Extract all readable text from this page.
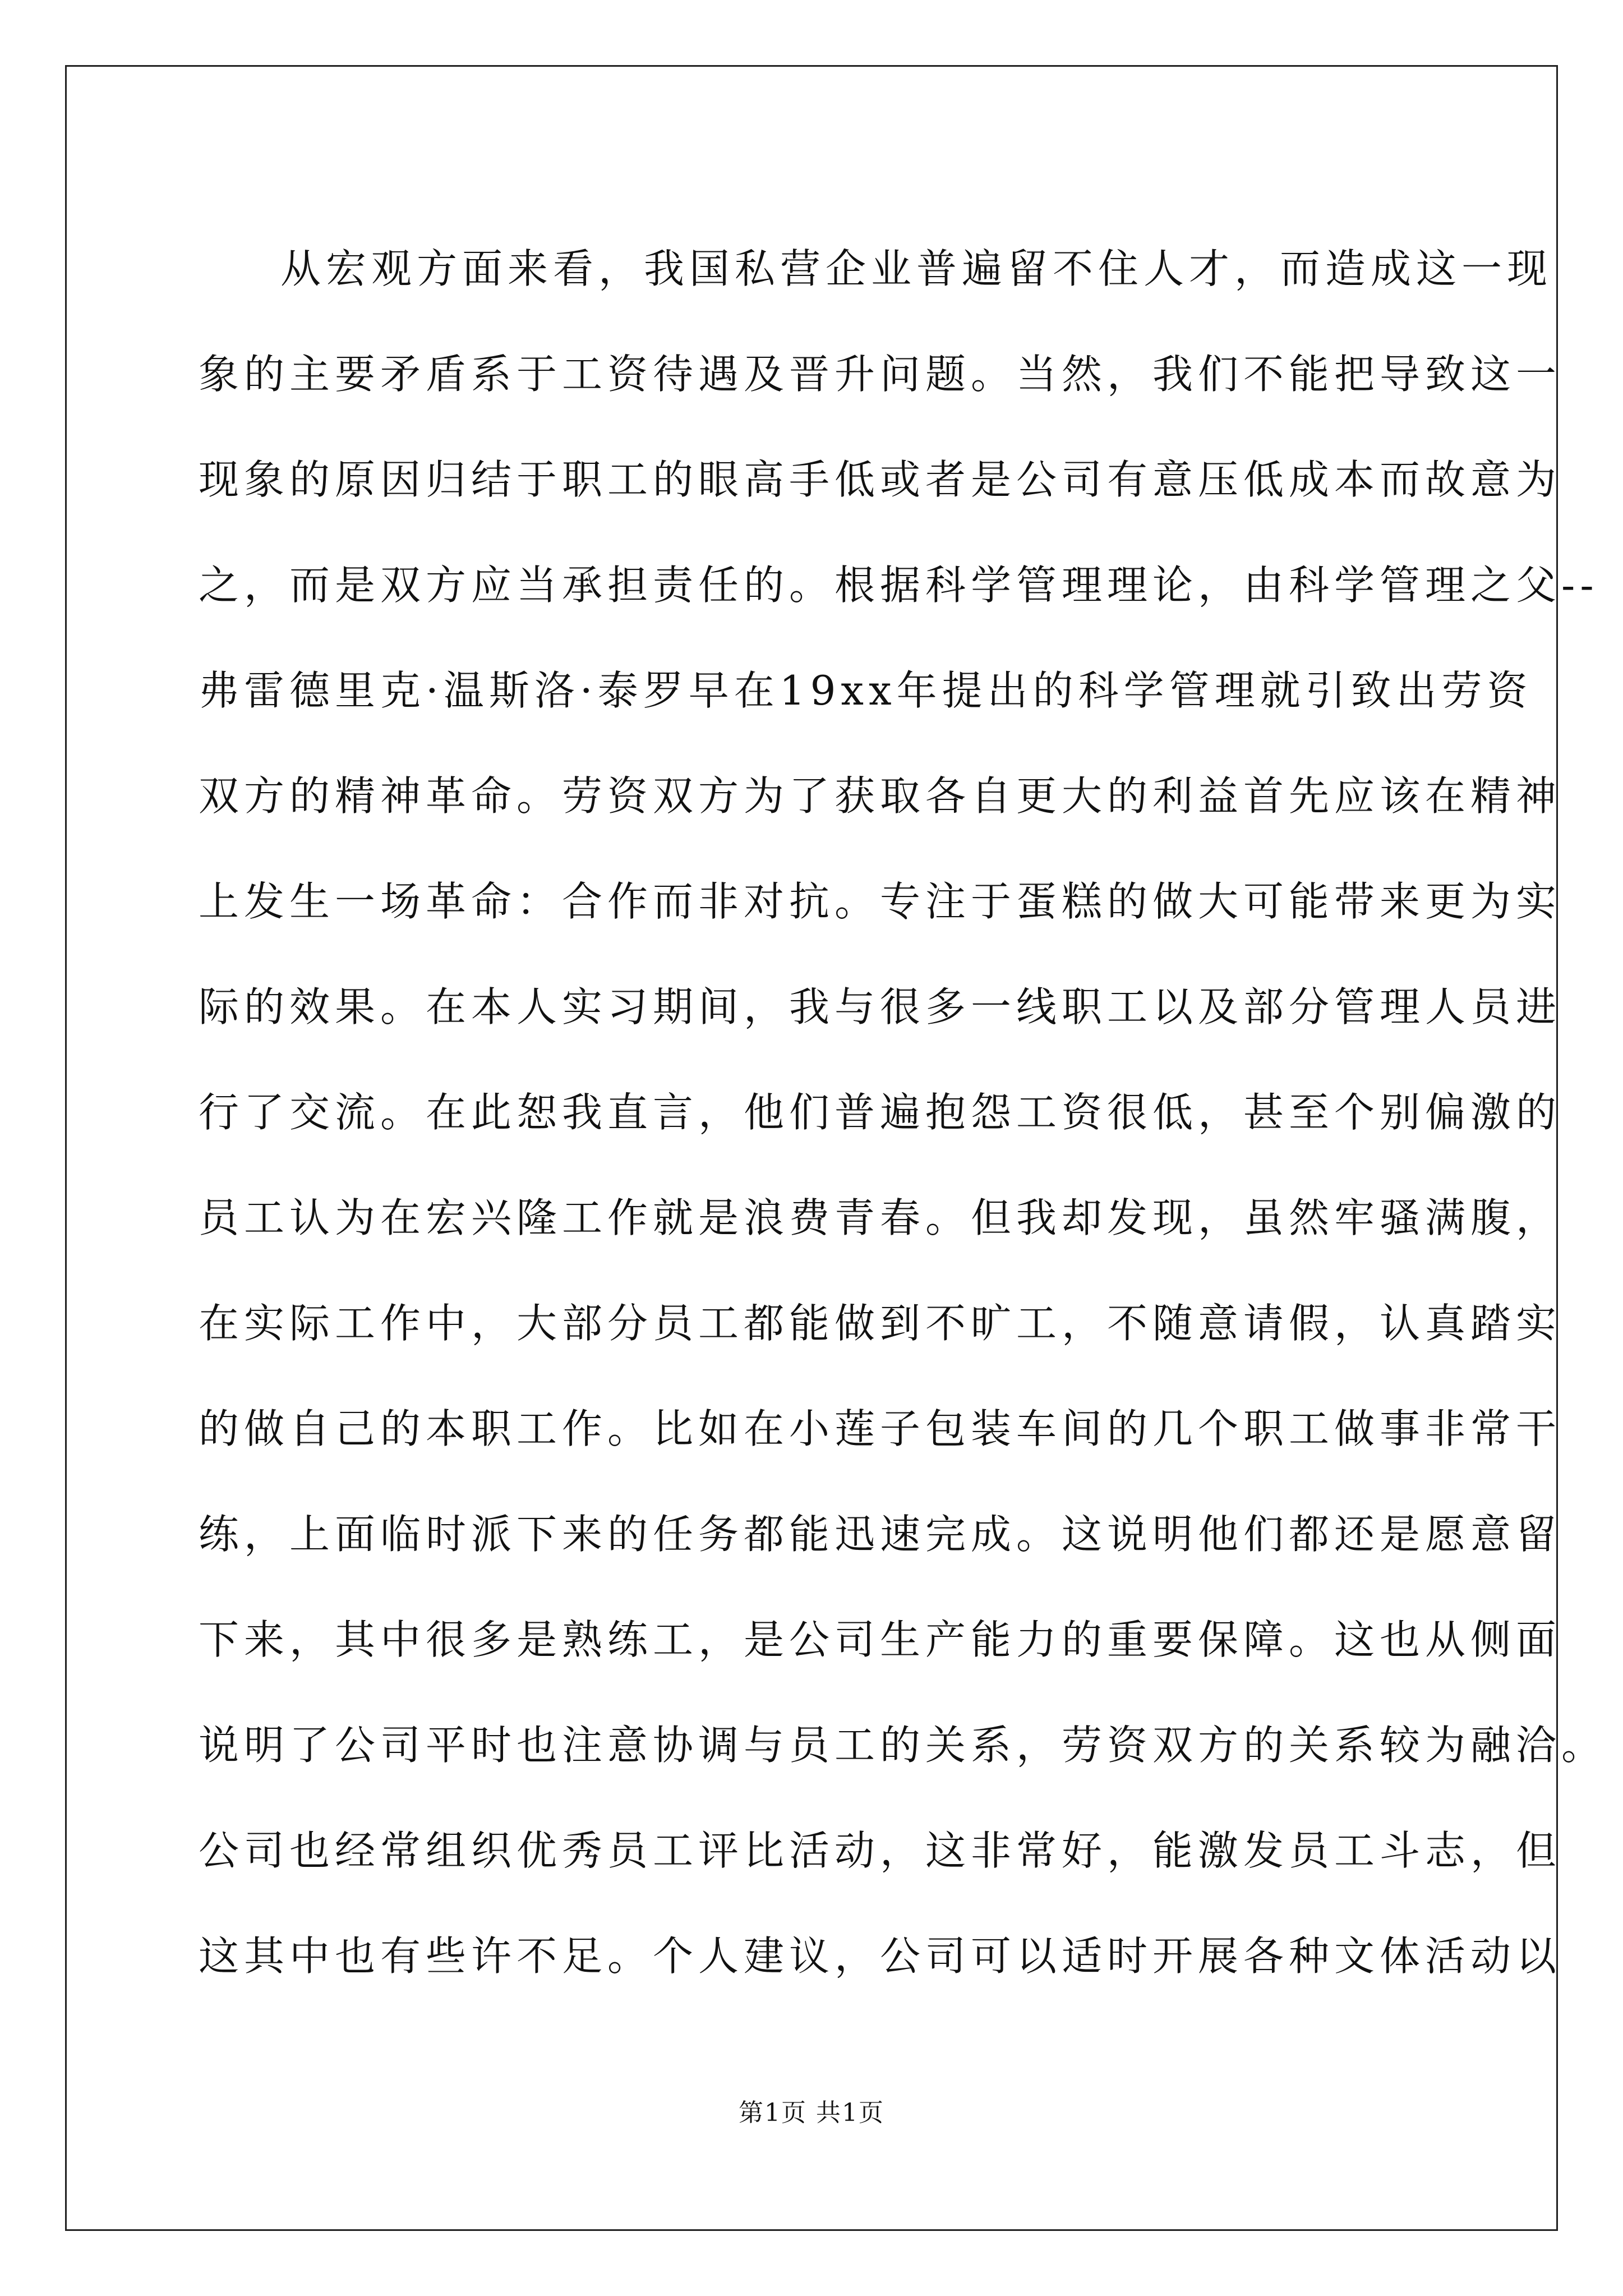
从宏观方面来看，我国私营企业普遍留不住人才，而造成这一现
象的主要矛盾系于工资待遇及晋升问题。当然，我们不能把导致这一
现象的原因归结于职工的眼高手低或者是公司有意压低成本而故意为
之，而是双方应当承担责任的。根据科学管理理论，由科学管理之父--
弗雷德里克·温斯洛·泰罗早在19xx年提出的科学管理就引致出劳资
双方的精神革命。劳资双方为了获取各自更大的利益首先应该在精神
上发生一场革命：合作而非对抗。专注于蛋糕的做大可能带来更为实
际的效果。在本人实习期间，我与很多一线职工以及部分管理人员进
行了交流。在此恕我直言，他们普遍抱怨工资很低，甚至个别偏激的
员工认为在宏兴隆工作就是浪费青春。但我却发现，虽然牢骚满腹，
在实际工作中，大部分员工都能做到不旷工，不随意请假，认真踏实
的做自己的本职工作。比如在小莲子包装车间的几个职工做事非常干
练，上面临时派下来的任务都能迅速完成。这说明他们都还是愿意留
下来，其中很多是熟练工，是公司生产能力的重要保障。这也从侧面
说明了公司平时也注意协调与员工的关系，劳资双方的关系较为融洽。
公司也经常组织优秀员工评比活动，这非常好，能激发员工斗志，但
这其中也有些许不足。个人建议，公司可以适时开展各种文体活动以
第1页 共1页
